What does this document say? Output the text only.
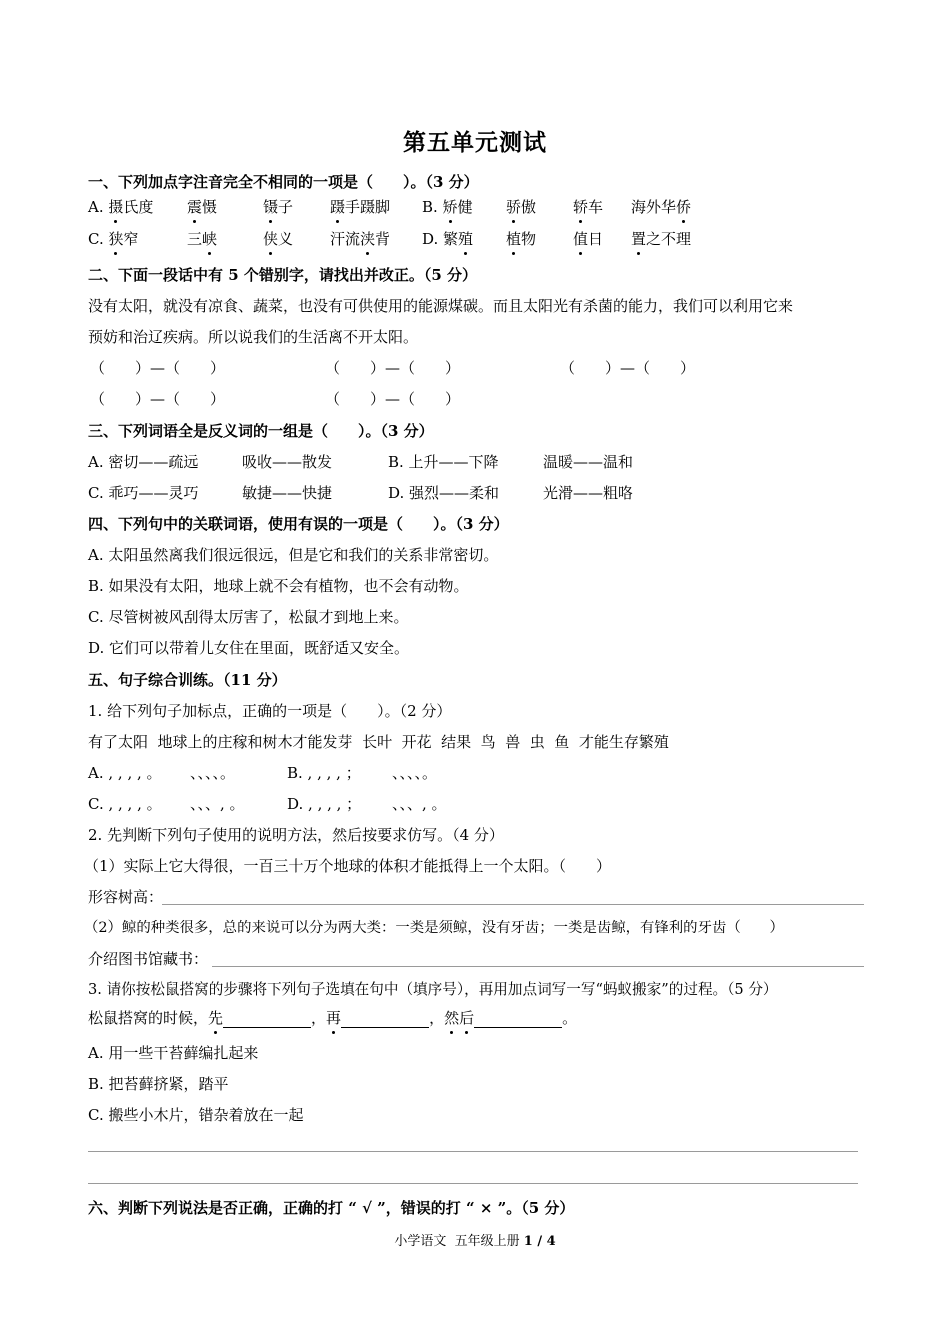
第五单元测试
一、下列加点字注音完全不相同的一项是（　　）。（3 分）
A. 摄氏度 震慑	镊子 蹑手蹑脚 B. 矫健 骄傲 轿车 海外华侨
C. 狭窄	三峡	侠义 汗流浃背 D. 繁殖 植物 值日 置之不理
二、下面一段话中有 5 个错别字，请找出并改正。（5 分）
没有太阳，就没有凉食、蔬菜，也没有可供使用的能源煤碳。而且太阳光有杀菌的能力，我们可以利用它来
预妨和治辽疾病。所以说我们的生活离不开太阳。
（　　）—（　　）	（　　）—（　　）	（　　）—（　　）
（　　）—（　　）	（　　）—（　　）
三、下列词语全是反义词的一组是（　　）。（3 分）
A. 密切——疏远	吸收——散发	B. 上升——下降	温暖——温和
C. 乖巧——灵巧	敏捷——快捷	D. 强烈——柔和	光滑——粗咯
四、下列句中的关联词语，使用有误的一项是（　　）。（3 分）
A. 太阳虽然离我们很远很远，但是它和我们的关系非常密切。
B. 如果没有太阳，地球上就不会有植物，也不会有动物。
C. 尽管树被风刮得太厉害了，松鼠才到地上来。
D. 它们可以带着儿女住在里面，既舒适又安全。
五、句子综合训练。（11 分）
1. 给下列句子加标点，正确的一项是（　　）。（2 分）
有了太阳  地球上的庄稼和树木才能发芽  长叶  开花  结果  鸟  兽  虫  鱼  才能生存繁殖
A. , , , , 。 、、、、。	B. , , , , ； 、、、、。
C. , , , , 。 、、、, 。	D. , , , , ； 、、、, 。
2. 先判断下列句子使用的说明方法，然后按要求仿写。（4 分）
（1）实际上它大得很，一百三十万个地球的体积才能抵得上一个太阳。（　　）
形容树高：
（2）鲸的种类很多，总的来说可以分为两大类：一类是须鲸，没有牙齿；一类是齿鲸，有锋利的牙齿（　　）
介绍图书馆藏书：
3. 请你按松鼠搭窝的步骤将下列句子选填在句中（填序号），再用加点词写一写“蚂蚁搬家”的过程。（5 分）
松鼠搭窝的时候，先	，再	，然后	。
A. 用一些干苔藓编扎起来
B. 把苔藓挤紧，踏平
C. 搬些小木片，错杂着放在一起
六、判断下列说法是否正确，正确的打 “ √ ”，错误的打 “ × ”。（5 分）
小学语文  五年级上册 1 / 4
